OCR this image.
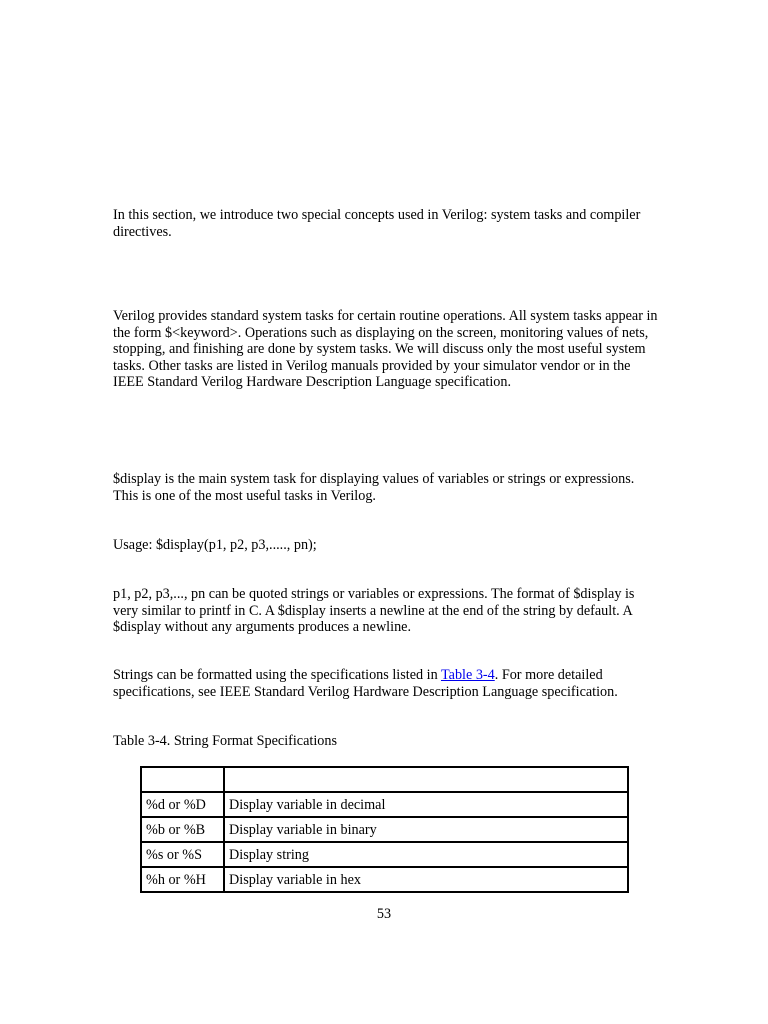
In this section, we introduce two special concepts used in Verilog: system tasks and compiler directives.

Verilog provides standard system tasks for certain routine operations. All system tasks appear in the form $<keyword>. Operations such as displaying on the screen, monitoring values of nets, stopping, and finishing are done by system tasks. We will discuss only the most useful system tasks. Other tasks are listed in Verilog manuals provided by your simulator vendor or in the IEEE Standard Verilog Hardware Description Language specification.

$display is the main system task for displaying values of variables or strings or expressions. This is one of the most useful tasks in Verilog.

Usage: $display(p1, p2, p3,....., pn);

p1, p2, p3,..., pn can be quoted strings or variables or expressions. The format of $display is very similar to printf in C. A $display inserts a newline at the end of the string by default. A $display without any arguments produces a newline.

Strings can be formatted using the specifications listed in Table 3-4. For more detailed specifications, see IEEE Standard Verilog Hardware Description Language specification.

Table 3-4. String Format Specifications

%d or %D	Display variable in decimal
%b or %B	Display variable in binary
%s or %S	Display string
%h or %H	Display variable in hex
53
